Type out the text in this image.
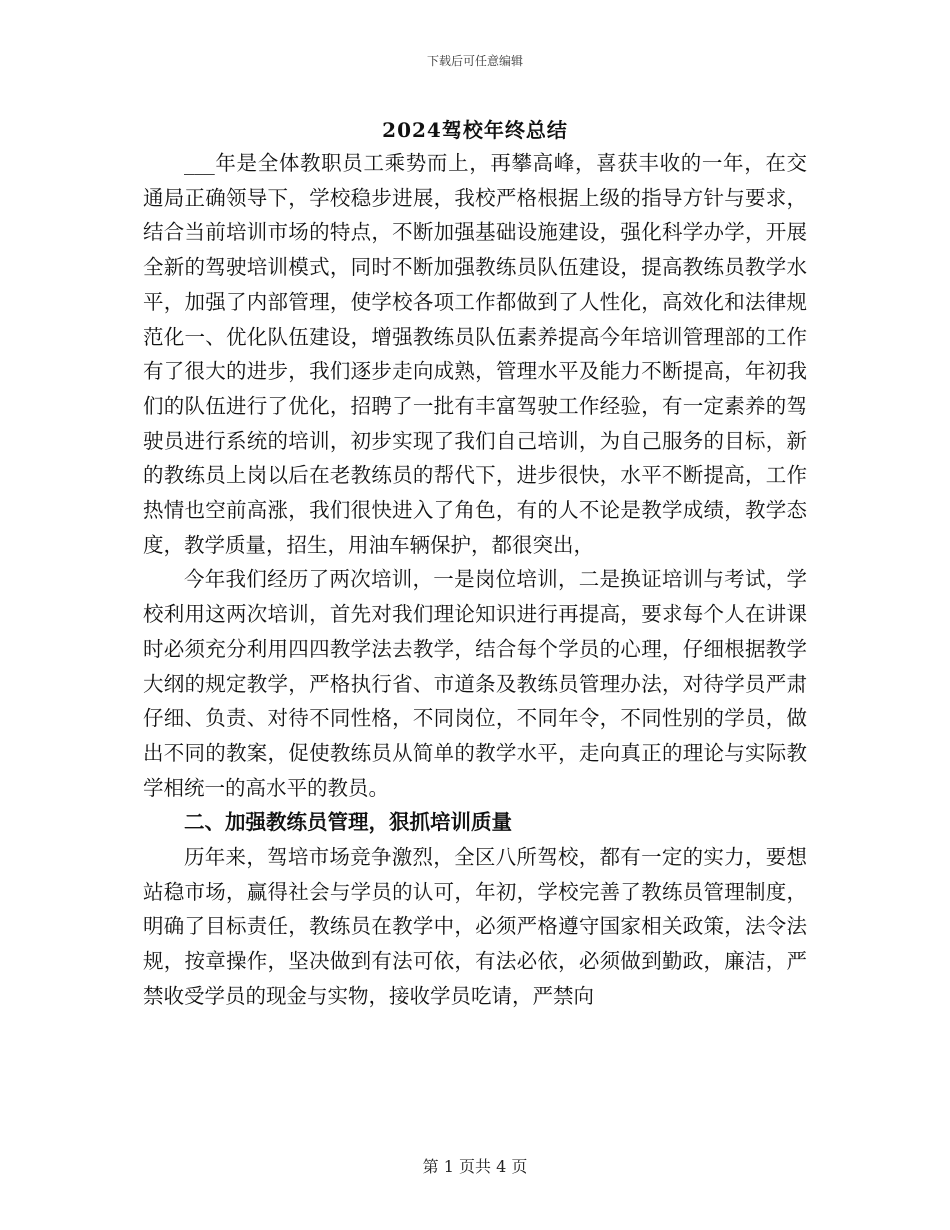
下载后可任意编辑
2024驾校年终总结

___年是全体教职员工乘势而上，再攀高峰，喜获丰收的一年，在交通局正确领导下，学校稳步进展，我校严格根据上级的指导方针与要求，结合当前培训市场的特点，不断加强基础设施建设，强化科学办学，开展全新的驾驶培训模式，同时不断加强教练员队伍建设，提高教练员教学水平，加强了内部管理，使学校各项工作都做到了人性化，高效化和法律规范化一、优化队伍建设，增强教练员队伍素养提高今年培训管理部的工作有了很大的进步，我们逐步走向成熟，管理水平及能力不断提高，年初我们的队伍进行了优化，招聘了一批有丰富驾驶工作经验，有一定素养的驾驶员进行系统的培训，初步实现了我们自己培训，为自己服务的目标，新的教练员上岗以后在老教练员的帮代下，进步很快，水平不断提高，工作热情也空前高涨，我们很快进入了角色，有的人不论是教学成绩，教学态度，教学质量，招生，用油车辆保护，都很突出，

今年我们经历了两次培训，一是岗位培训，二是换证培训与考试，学校利用这两次培训，首先对我们理论知识进行再提高，要求每个人在讲课时必须充分利用四四教学法去教学，结合每个学员的心理，仔细根据教学大纲的规定教学，严格执行省、市道条及教练员管理办法，对待学员严肃仔细、负责、对待不同性格，不同岗位，不同年令，不同性别的学员，做出不同的教案，促使教练员从简单的教学水平，走向真正的理论与实际教学相统一的高水平的教员。

二、加强教练员管理，狠抓培训质量

历年来，驾培市场竞争激烈，全区八所驾校，都有一定的实力，要想站稳市场，赢得社会与学员的认可，年初，学校完善了教练员管理制度，明确了目标责任，教练员在教学中，必须严格遵守国家相关政策，法令法规，按章操作，坚决做到有法可依，有法必依，必须做到勤政，廉洁，严禁收受学员的现金与实物，接收学员吃请，严禁向

第 1 页共 4 页
